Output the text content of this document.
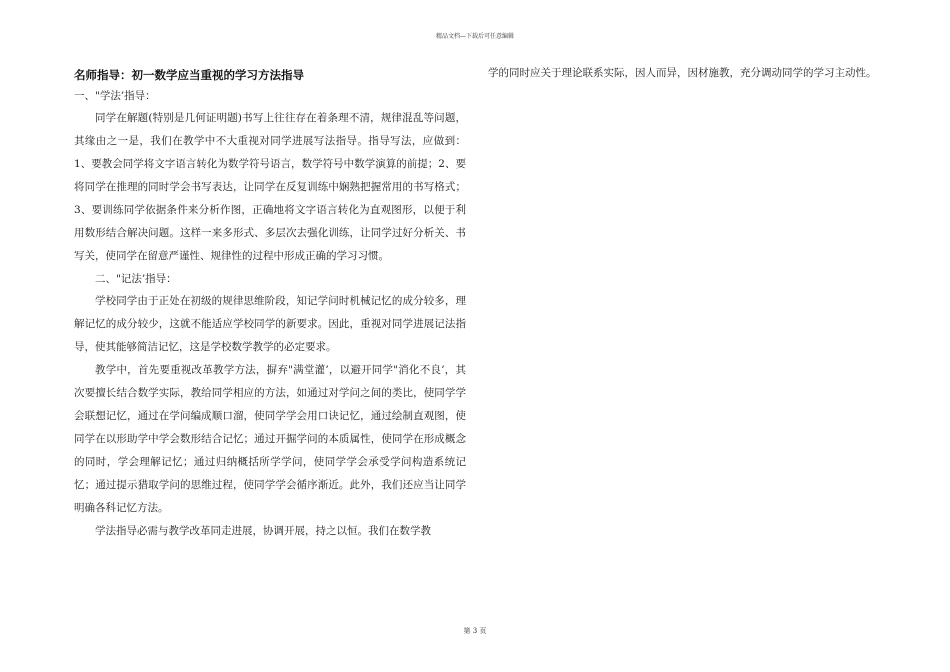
精品文档—下载后可任意编辑
名师指导：初一数学应当重视的学习方法指导

一、"学法’指导：

同学在解题(特别是几何证明题)书写上往往存在着条理不清，规律混乱等问题，其缘由之一是，我们在教学中不大重视对同学进展写法指导。指导写法，应做到：1、要教会同学将文字语言转化为数学符号语言，数学符号中数学演算的前提；2、要将同学在推理的同时学会书写表达，让同学在反复训练中娴熟把握常用的书写格式；3、要训练同学依据条件来分析作图，正确地将文字语言转化为直观图形，以便于利用数形结合解决问题。这样一来多形式、多层次去强化训练，让同学过好分析关、书写关，使同学在留意严谨性、规律性的过程中形成正确的学习习惯。

二、"记法’指导：

学校同学由于正处在初级的规律思维阶段，知记学问时机械记忆的成分较多，理解记忆的成分较少，这就不能适应学校同学的新要求。因此，重视对同学进展记法指导，使其能够简洁记忆，这是学校数学教学的必定要求。

教学中，首先要重视改革教学方法，摒弃"满堂灌’，以避开同学"消化不良’，其次要擅长结合数学实际，教给同学相应的方法，如通过对学问之间的类比，使同学学会联想记忆，通过在学问编成顺口溜，使同学学会用口诀记忆，通过绘制直观图，使同学在以形助学中学会数形结合记忆；通过开掘学问的本质属性，使同学在形成概念的同时，学会理解记忆；通过归纳概括所学学问，使同学学会承受学问构造系统记忆；通过提示猎取学问的思维过程，使同学学会循序渐近。此外，我们还应当让同学明确各科记忆方法。

学法指导必需与教学改革同走进展，协调开展，持之以恒。我们在数学教

学的同时应关于理论联系实际，因人而异，因材施教，充分调动同学的学习主动性。

第 3 页
